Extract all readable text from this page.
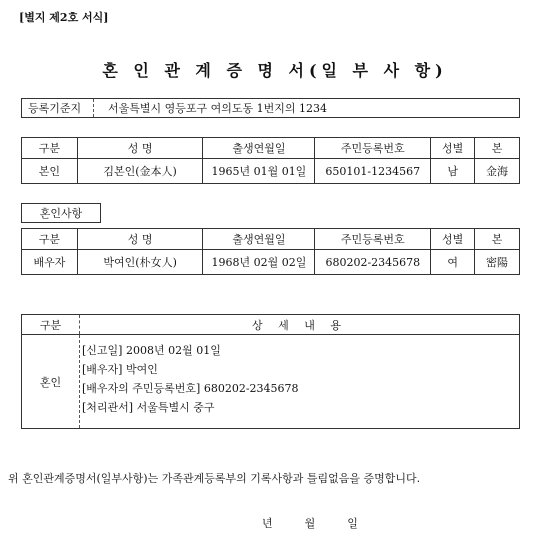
[별지 제2호 서식]
혼 인 관 계 증 명 서(일 부 사 항)
등록기준지	서울특별시 영등포구 여의도동 1번지의 1234
구분	성 명	출생연월일	주민등록번호	성별	본
본인	김본인(金本人)	1965년 01월 01일	650101-1234567	남	金海
혼인사항
구분	성 명	출생연월일	주민등록번호	성별	본
배우자	박여인(朴女人)	1968년 02월 02일	680202-2345678	여	密陽
구분	상 세 내 용
혼인
[신고일] 2008년 02월 01일
[배우자] 박여인
[배우자의 주민등록번호] 680202-2345678
[처리관서] 서울특별시 중구
위 혼인관계증명서(일부사항)는 가족관계등록부의 기록사항과 틀림없음을 증명합니다.
년	월	일
